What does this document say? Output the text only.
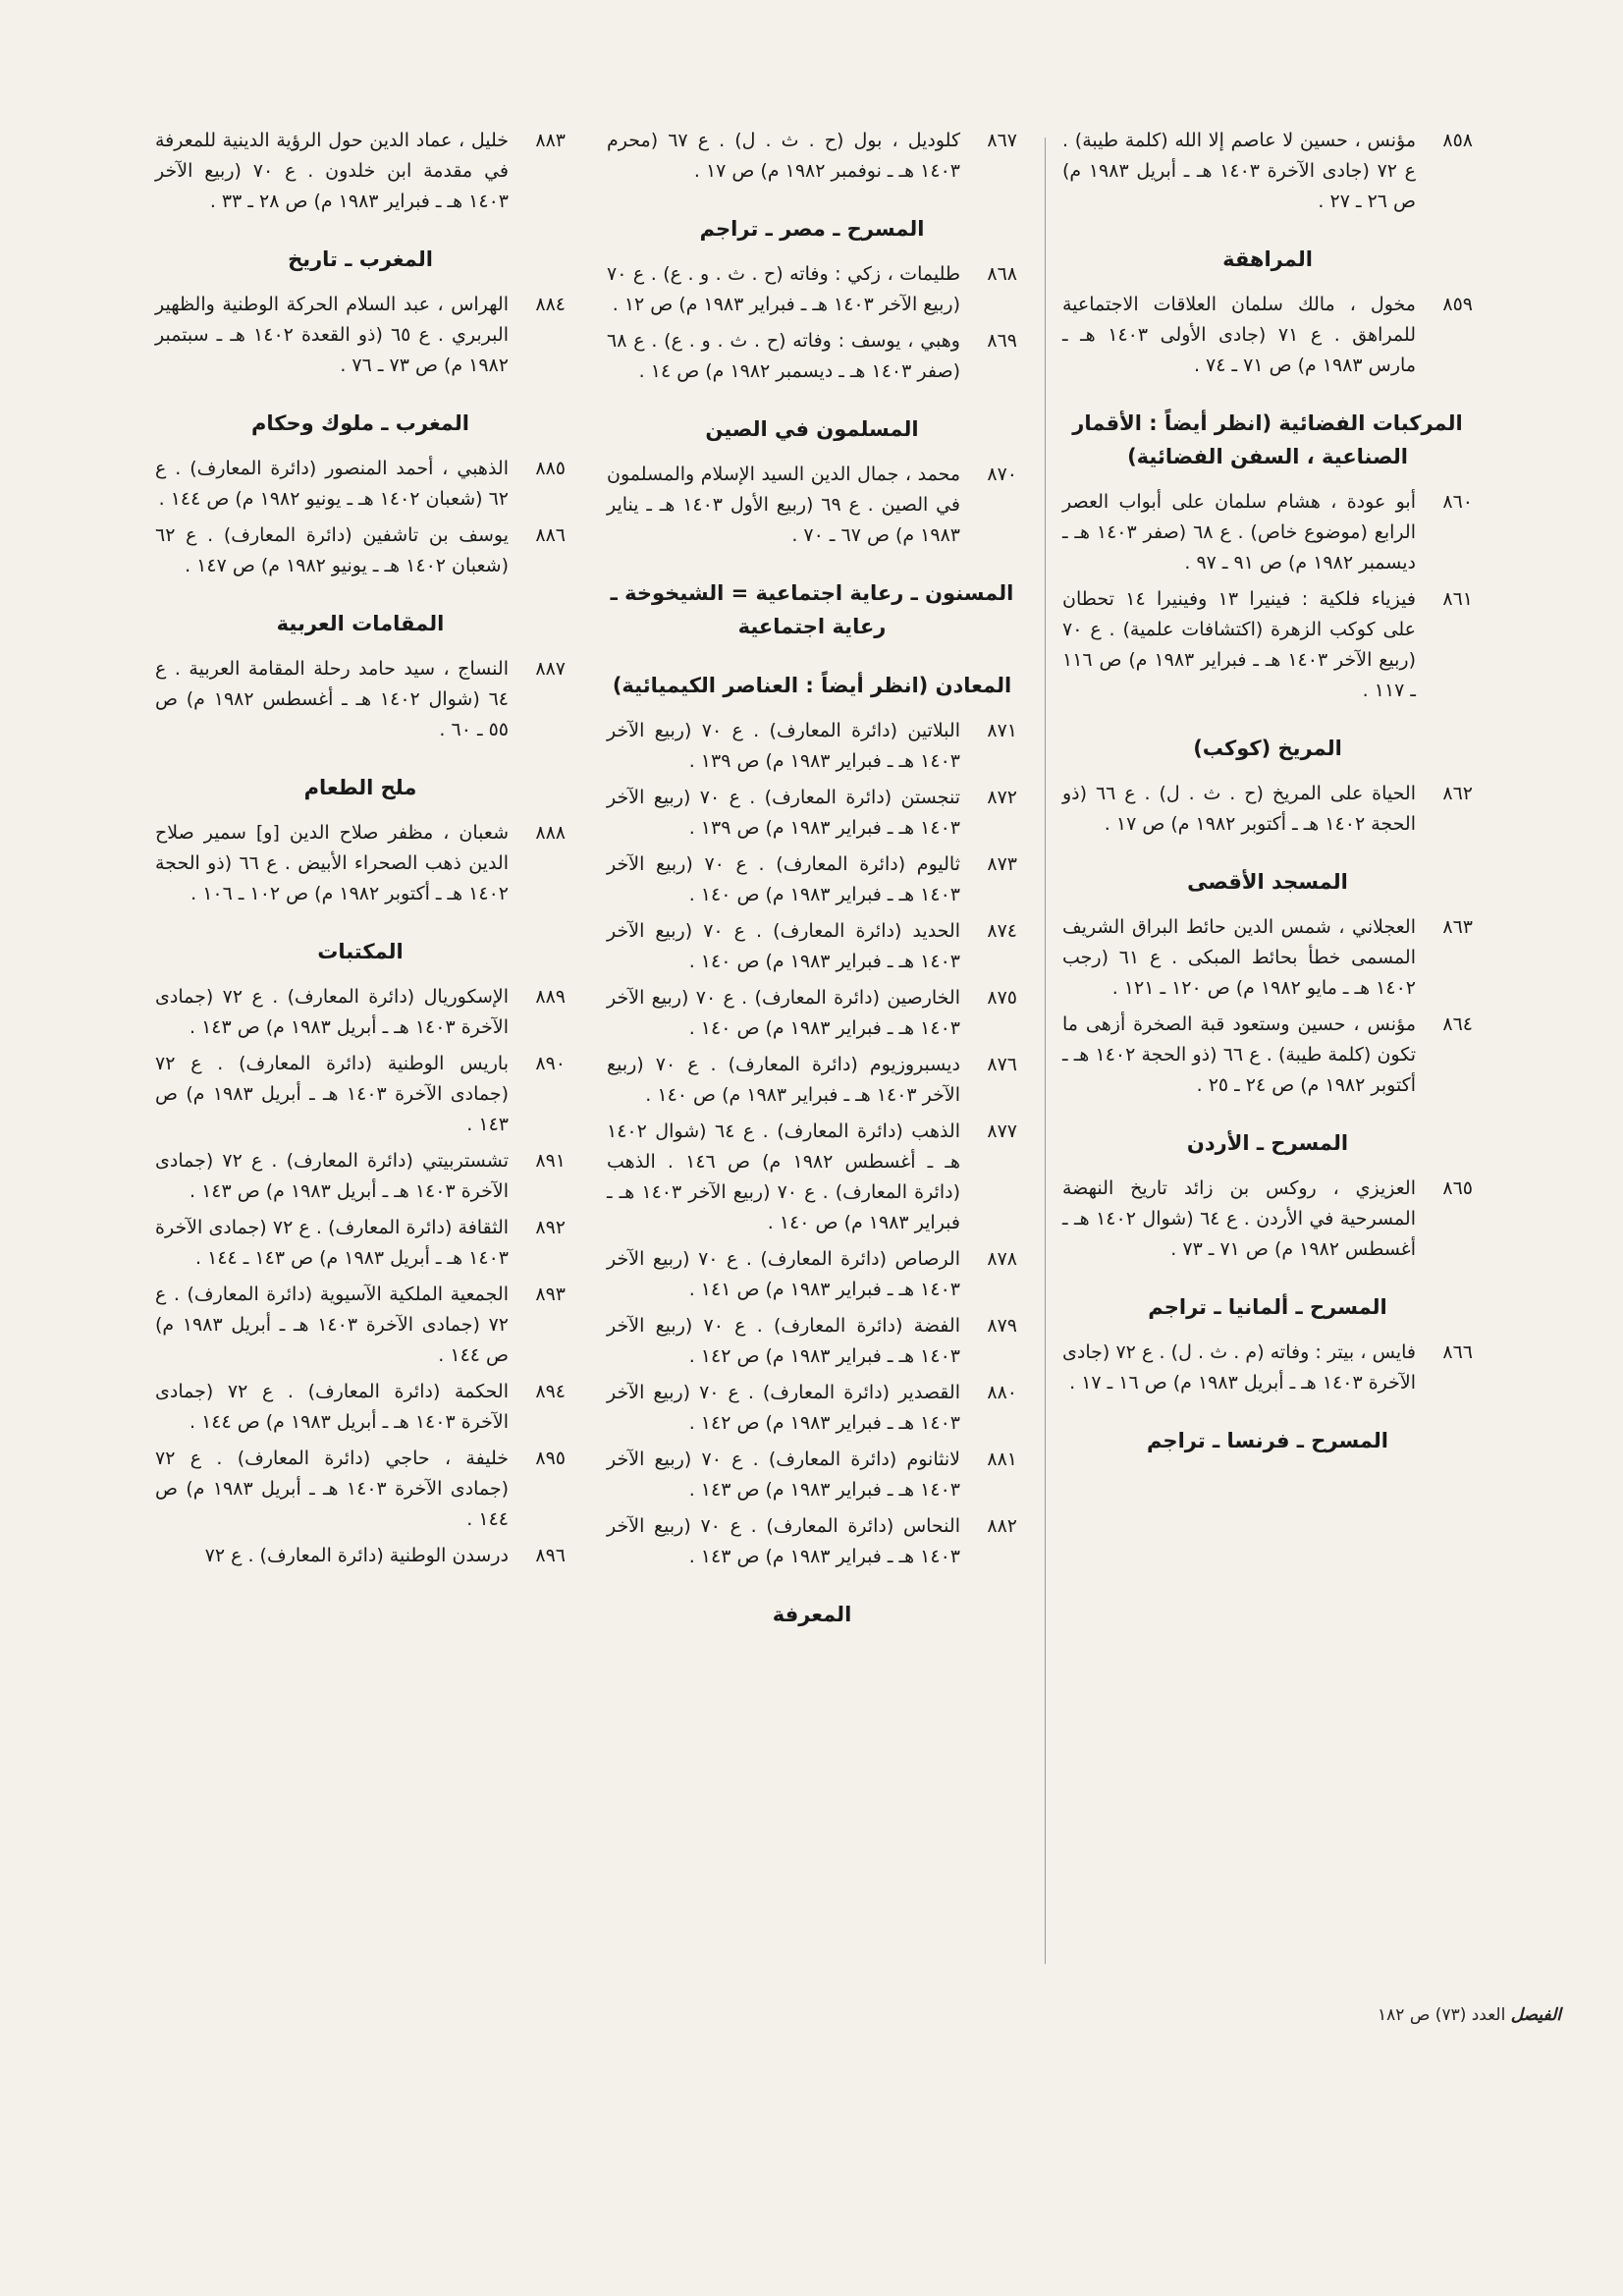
٨٥٨
مؤنس ، حسين لا عاصم إلا الله (كلمة طيبة) . ع ٧٢ (جادى الآخرة ١٤٠٣ هـ ـ أبريل ١٩٨٣ م) ص ٢٦ ـ ٢٧ .
المراهقة
٨٥٩
مخول ، مالك سلمان العلاقات الاجتماعية للمراهق . ع ٧١ (جادى الأولى ١٤٠٣ هـ ـ مارس ١٩٨٣ م) ص ٧١ ـ ٧٤ .
المركبات الفضائية (انظر أيضاً : الأقمار الصناعية ، السفن الفضائية)
٨٦٠
أبو عودة ، هشام سلمان على أبواب العصر الرابع (موضوع خاص) . ع ٦٨ (صفر ١٤٠٣ هـ ـ ديسمبر ١٩٨٢ م) ص ٩١ ـ ٩٧ .
٨٦١
فيزياء فلكية : فينيرا ١٣ وفينيرا ١٤ تحطان على كوكب الزهرة (اكتشافات علمية) . ع ٧٠ (ربيع الآخر ١٤٠٣ هـ ـ فبراير ١٩٨٣ م) ص ١١٦ ـ ١١٧ .
المريخ (كوكب)
٨٦٢
الحياة على المريخ (ح . ث . ل) . ع ٦٦ (ذو الحجة ١٤٠٢ هـ ـ أكتوبر ١٩٨٢ م) ص ١٧ .
المسجد الأقصى
٨٦٣
العجلاني ، شمس الدين حائط البراق الشريف المسمى خطأ بحائط المبكى . ع ٦١ (رجب ١٤٠٢ هـ ـ مايو ١٩٨٢ م) ص ١٢٠ ـ ١٢١ .
٨٦٤
مؤنس ، حسين وستعود قبة الصخرة أزهى ما تكون (كلمة طيبة) . ع ٦٦ (ذو الحجة ١٤٠٢ هـ ـ أكتوبر ١٩٨٢ م) ص ٢٤ ـ ٢٥ .
المسرح ـ الأردن
٨٦٥
العزيزي ، روكس بن زائد تاريخ النهضة المسرحية في الأردن . ع ٦٤ (شوال ١٤٠٢ هـ ـ أغسطس ١٩٨٢ م) ص ٧١ ـ ٧٣ .
المسرح ـ ألمانيا ـ تراجم
٨٦٦
فايس ، بيتر : وفاته (م . ث . ل) . ع ٧٢ (جادى الآخرة ١٤٠٣ هـ ـ أبريل ١٩٨٣ م) ص ١٦ ـ ١٧ .
المسرح ـ فرنسا ـ تراجم
٨٦٧
كلوديل ، بول (ح . ث . ل) . ع ٦٧ (محرم ١٤٠٣ هـ ـ نوفمبر ١٩٨٢ م) ص ١٧ .
المسرح ـ مصر ـ تراجم
٨٦٨
طليمات ، زكي : وفاته (ح . ث . و . ع) . ع ٧٠ (ربيع الآخر ١٤٠٣ هـ ـ فبراير ١٩٨٣ م) ص ١٢ .
٨٦٩
وهبي ، يوسف : وفاته (ح . ث . و . ع) . ع ٦٨ (صفر ١٤٠٣ هـ ـ ديسمبر ١٩٨٢ م) ص ١٤ .
المسلمون في الصين
٨٧٠
محمد ، جمال الدين السيد الإسلام والمسلمون في الصين . ع ٦٩ (ربيع الأول ١٤٠٣ هـ ـ يناير ١٩٨٣ م) ص ٦٧ ـ ٧٠ .
المسنون ـ رعاية اجتماعية = الشيخوخة ـ رعاية اجتماعية
المعادن (انظر أيضاً : العناصر الكيميائية)
٨٧١
البلاتين (دائرة المعارف) . ع ٧٠ (ربيع الآخر ١٤٠٣ هـ ـ فبراير ١٩٨٣ م) ص ١٣٩ .
٨٧٢
تنجستن (دائرة المعارف) . ع ٧٠ (ربيع الآخر ١٤٠٣ هـ ـ فبراير ١٩٨٣ م) ص ١٣٩ .
٨٧٣
ثاليوم (دائرة المعارف) . ع ٧٠ (ربيع الآخر ١٤٠٣ هـ ـ فبراير ١٩٨٣ م) ص ١٤٠ .
٨٧٤
الحديد (دائرة المعارف) . ع ٧٠ (ربيع الآخر ١٤٠٣ هـ ـ فبراير ١٩٨٣ م) ص ١٤٠ .
٨٧٥
الخارصين (دائرة المعارف) . ع ٧٠ (ربيع الآخر ١٤٠٣ هـ ـ فبراير ١٩٨٣ م) ص ١٤٠ .
٨٧٦
ديسبروزيوم (دائرة المعارف) . ع ٧٠ (ربيع الآخر ١٤٠٣ هـ ـ فبراير ١٩٨٣ م) ص ١٤٠ .
٨٧٧
الذهب (دائرة المعارف) . ع ٦٤ (شوال ١٤٠٢ هـ ـ أغسطس ١٩٨٢ م) ص ١٤٦ . الذهب (دائرة المعارف) . ع ٧٠ (ربيع الآخر ١٤٠٣ هـ ـ فبراير ١٩٨٣ م) ص ١٤٠ .
٨٧٨
الرصاص (دائرة المعارف) . ع ٧٠ (ربيع الآخر ١٤٠٣ هـ ـ فبراير ١٩٨٣ م) ص ١٤١ .
٨٧٩
الفضة (دائرة المعارف) . ع ٧٠ (ربيع الآخر ١٤٠٣ هـ ـ فبراير ١٩٨٣ م) ص ١٤٢ .
٨٨٠
القصدير (دائرة المعارف) . ع ٧٠ (ربيع الآخر ١٤٠٣ هـ ـ فبراير ١٩٨٣ م) ص ١٤٢ .
٨٨١
لانثانوم (دائرة المعارف) . ع ٧٠ (ربيع الآخر ١٤٠٣ هـ ـ فبراير ١٩٨٣ م) ص ١٤٣ .
٨٨٢
النحاس (دائرة المعارف) . ع ٧٠ (ربيع الآخر ١٤٠٣ هـ ـ فبراير ١٩٨٣ م) ص ١٤٣ .
المعرفة
٨٨٣
خليل ، عماد الدين حول الرؤية الدينية للمعرفة في مقدمة ابن خلدون . ع ٧٠ (ربيع الآخر ١٤٠٣ هـ ـ فبراير ١٩٨٣ م) ص ٢٨ ـ ٣٣ .
المغرب ـ تاريخ
٨٨٤
الهراس ، عبد السلام الحركة الوطنية والظهير البربري . ع ٦٥ (ذو القعدة ١٤٠٢ هـ ـ سبتمبر ١٩٨٢ م) ص ٧٣ ـ ٧٦ .
المغرب ـ ملوك وحكام
٨٨٥
الذهبي ، أحمد المنصور (دائرة المعارف) . ع ٦٢ (شعبان ١٤٠٢ هـ ـ يونيو ١٩٨٢ م) ص ١٤٤ .
٨٨٦
يوسف بن تاشفين (دائرة المعارف) . ع ٦٢ (شعبان ١٤٠٢ هـ ـ يونيو ١٩٨٢ م) ص ١٤٧ .
المقامات العربية
٨٨٧
النساج ، سيد حامد رحلة المقامة العربية . ع ٦٤ (شوال ١٤٠٢ هـ ـ أغسطس ١٩٨٢ م) ص ٥٥ ـ ٦٠ .
ملح الطعام
٨٨٨
شعبان ، مظفر صلاح الدين [و] سمير صلاح الدين ذهب الصحراء الأبيض . ع ٦٦ (ذو الحجة ١٤٠٢ هـ ـ أكتوبر ١٩٨٢ م) ص ١٠٢ ـ ١٠٦ .
المكتبات
٨٨٩
الإسكوريال (دائرة المعارف) . ع ٧٢ (جمادى الآخرة ١٤٠٣ هـ ـ أبريل ١٩٨٣ م) ص ١٤٣ .
٨٩٠
باريس الوطنية (دائرة المعارف) . ع ٧٢ (جمادى الآخرة ١٤٠٣ هـ ـ أبريل ١٩٨٣ م) ص ١٤٣ .
٨٩١
تشستربيتي (دائرة المعارف) . ع ٧٢ (جمادى الآخرة ١٤٠٣ هـ ـ أبريل ١٩٨٣ م) ص ١٤٣ .
٨٩٢
الثقافة (دائرة المعارف) . ع ٧٢ (جمادى الآخرة ١٤٠٣ هـ ـ أبريل ١٩٨٣ م) ص ١٤٣ ـ ١٤٤ .
٨٩٣
الجمعية الملكية الآسيوية (دائرة المعارف) . ع ٧٢ (جمادى الآخرة ١٤٠٣ هـ ـ أبريل ١٩٨٣ م) ص ١٤٤ .
٨٩٤
الحكمة (دائرة المعارف) . ع ٧٢ (جمادى الآخرة ١٤٠٣ هـ ـ أبريل ١٩٨٣ م) ص ١٤٤ .
٨٩٥
خليفة ، حاجي (دائرة المعارف) . ع ٧٢ (جمادى الآخرة ١٤٠٣ هـ ـ أبريل ١٩٨٣ م) ص ١٤٤ .
٨٩٦
درسدن الوطنية (دائرة المعارف) . ع ٧٢
الفيصل العدد (٧٣) ص ١٨٢
